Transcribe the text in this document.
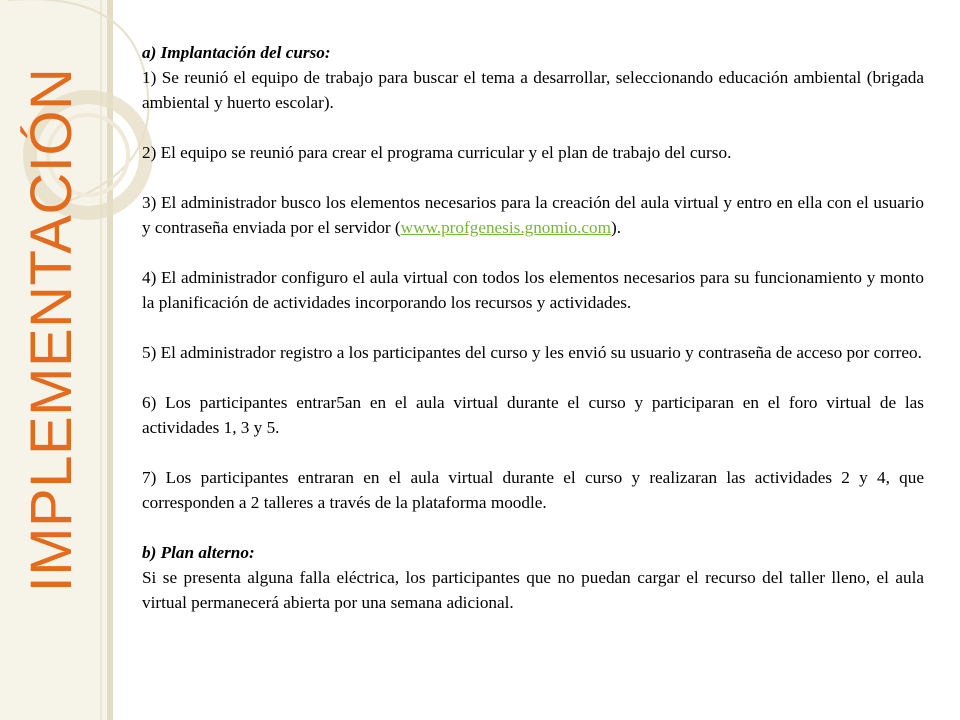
IMPLEMENTACIÓN

a) Implantación del curso:

1) Se reunió el equipo de trabajo para buscar el tema a desarrollar, seleccionando educación ambiental (brigada ambiental y huerto escolar).

2) El equipo se reunió para crear el programa curricular y el plan de trabajo del curso.

3) El administrador busco los elementos necesarios para la creación del aula virtual y entro en ella con el usuario y contraseña enviada por el servidor (www.profgenesis.gnomio.com).

4) El administrador configuro el aula virtual con todos los elementos necesarios para su funcionamiento y monto la planificación de actividades incorporando los recursos y actividades.

5) El administrador registro a los participantes del curso y les envió su usuario y contraseña de acceso por correo.

6) Los participantes entrar5an en el aula virtual durante el curso y participaran en el foro virtual de las actividades 1, 3 y 5.

7) Los participantes entraran en el aula virtual durante el curso y realizaran las actividades 2 y 4, que corresponden a 2 talleres a través de la plataforma moodle.

b) Plan alterno:

Si se presenta alguna falla eléctrica, los participantes que no puedan cargar el recurso del taller lleno, el aula virtual permanecerá abierta por una semana adicional.
